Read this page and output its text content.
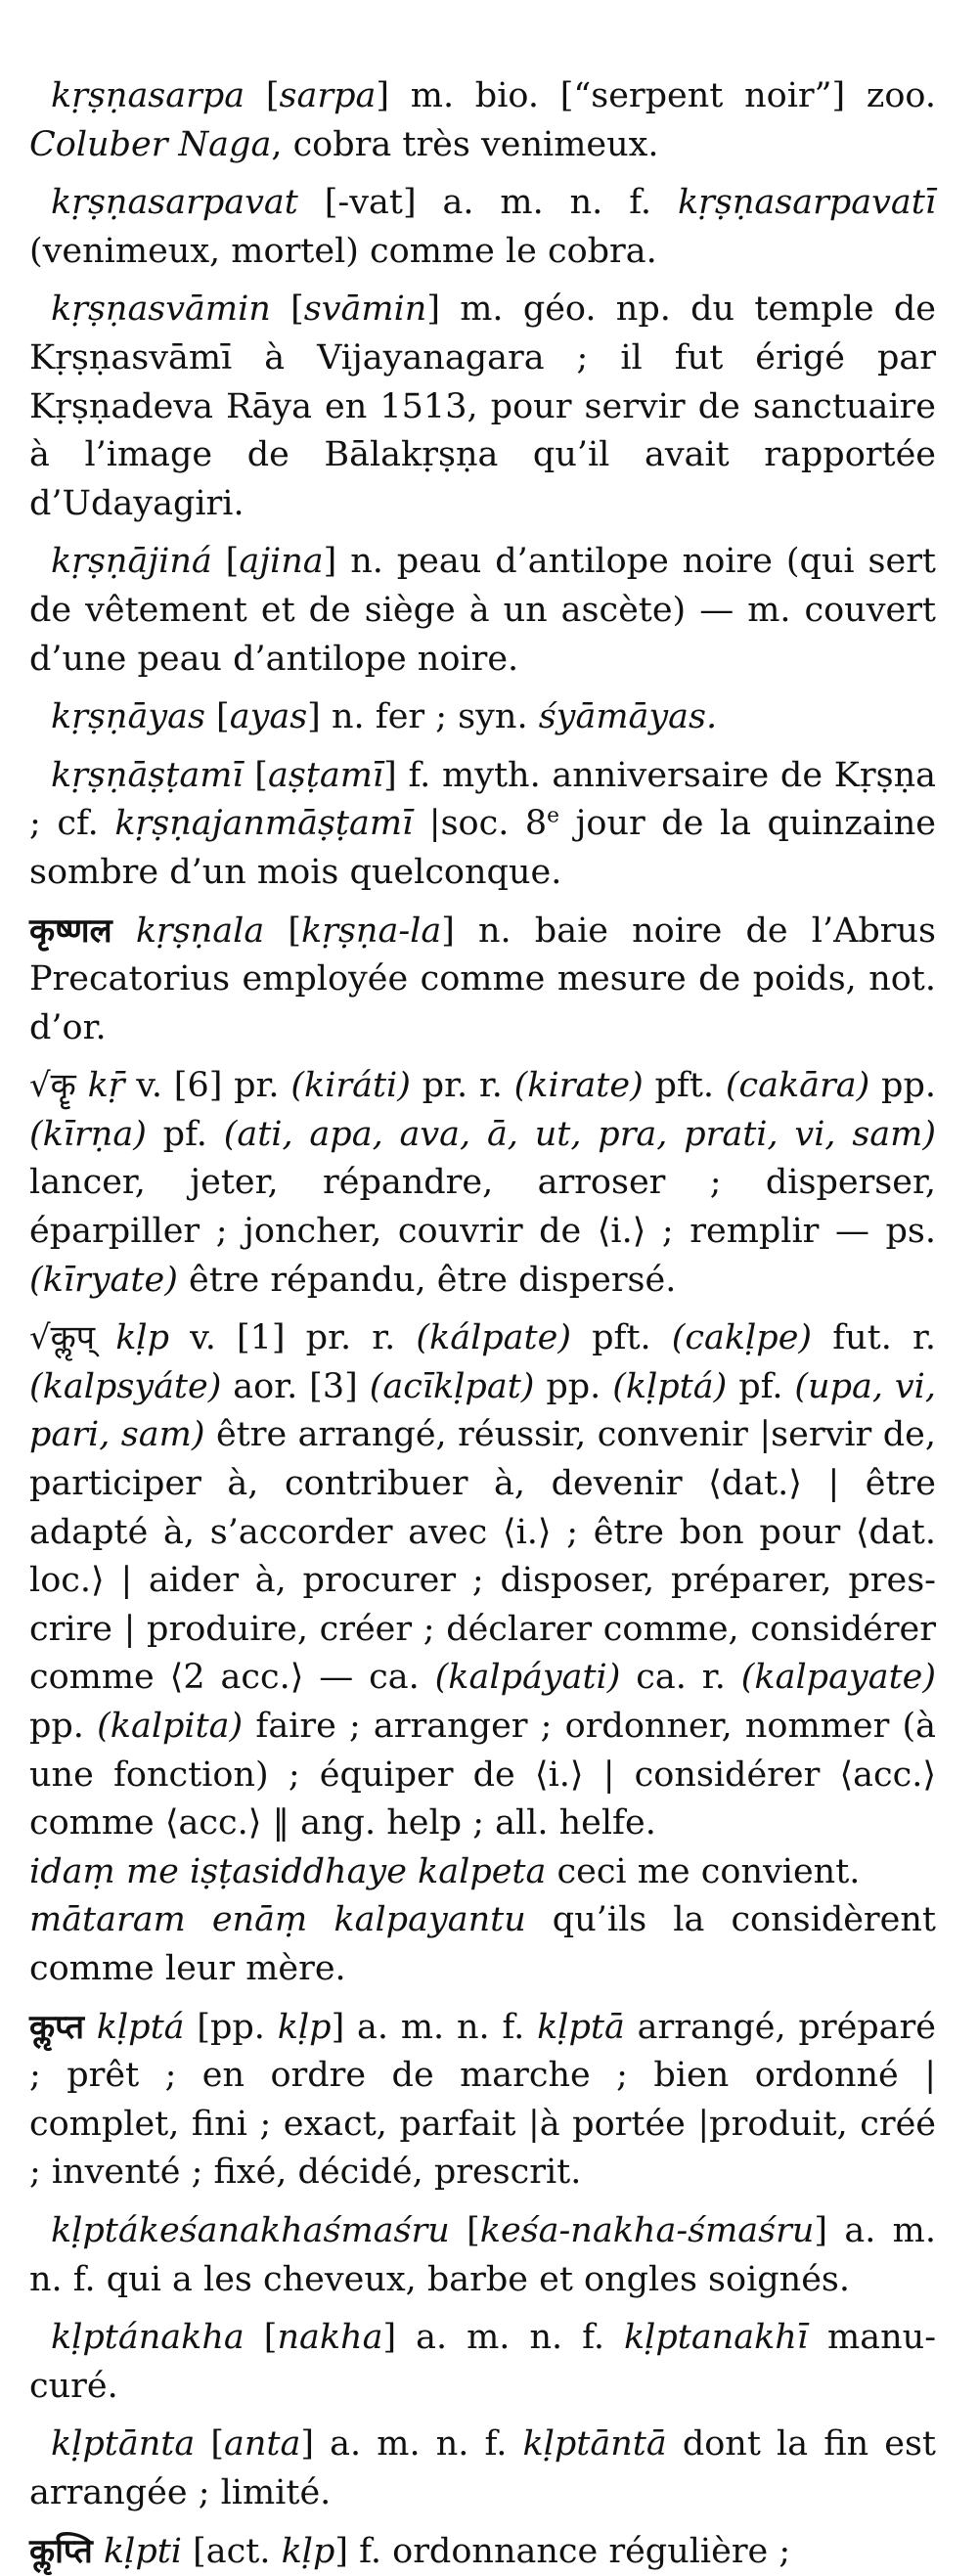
kṛṣṇasarpa [sarpa] m. bio. [“serpent noir”] zoo. Coluber Naga, cobra très venimeux.

kṛṣṇasarpavat [-vat] a. m. n. f. kṛṣṇasarpavatī (venimeux, mortel) comme le cobra.

kṛṣṇasvāmin [svāmin] m. géo. np. du temple de Kṛṣṇasvāmī à Vijayanagara ; il fut érigé par Kṛṣṇadeva Rāya en 1513, pour servir de sanctuaire à l’image de Bālakṛṣṇa qu’il avait rapportée d’Udayagiri.

kṛṣṇājiná [ajina] n. peau d’antilope noire (qui sert de vêtement et de siège à un ascète) — m. couvert d’une peau d’antilope noire.

kṛṣṇāyas [ayas] n. fer ; syn. śyāmāyas.

kṛṣṇāṣṭamī [aṣṭamī] f. myth. anniversaire de Kṛṣṇa ; cf. kṛṣṇajanmāṣṭamī |soc. 8e jour de la quinzaine sombre d’un mois quelconque.

कृष्णल kṛṣṇala [kṛṣṇa-la] n. baie noire de l’Abrus Precatorius employée comme mesure de poids, not. d’or.

√कॄ kṝ v. [6] pr. (kiráti) pr. r. (kirate) pft. (cakāra) pp. (kīrṇa) pf. (ati, apa, ava, ā, ut, pra, prati, vi, sam) lancer, jeter, répandre, arroser ; disperser, éparpiller ; joncher, couvrir de ⟨i.⟩ ; remplir — ps. (kīryate) être répandu, être dispersé.

√कॢप् kḷp v. [1] pr. r. (kálpate) pft. (cakḷpe) fut. r. (kalpsyáte) aor. [3] (acīkḷpat) pp. (kḷptá) pf. (upa, vi, pari, sam) être arrangé, réussir, convenir |servir de, participer à, contribuer à, devenir ⟨dat.⟩ | être adapté à, s’accorder avec ⟨i.⟩ ; être bon pour ⟨dat. loc.⟩ | aider à, procurer ; disposer, préparer, prescrire | produire, créer ; déclarer comme, considérer comme ⟨2 acc.⟩ — ca. (kalpáyati) ca. r. (kalpayate) pp. (kalpita) faire ; arranger ; ordonner, nommer (à une fonction) ; équiper de ⟨i.⟩ | considérer ⟨acc.⟩ comme ⟨acc.⟩ ‖ ang. help ; all. helfe.

idaṃ me iṣṭasiddhaye kalpeta ceci me convient.

mātaram enāṃ kalpayantu qu’ils la considèrent comme leur mère.

कॢप्त kḷptá [pp. kḷp] a. m. n. f. kḷptā arrangé, préparé ; prêt ; en ordre de marche ; bien ordonné | complet, fini ; exact, parfait |à portée |produit, créé ; inventé ; fixé, décidé, prescrit.

kḷptákeśanakhaśmaśru [keśa-nakha-śmaśru] a. m. n. f. qui a les cheveux, barbe et ongles soignés.

kḷptánakha [nakha] a. m. n. f. kḷptanakhī manucuré.

kḷptānta [anta] a. m. n. f. kḷptāntā dont la fin est arrangée ; limité.

कॢप्ति kḷpti [act. kḷp] f. ordonnance régulière ;
